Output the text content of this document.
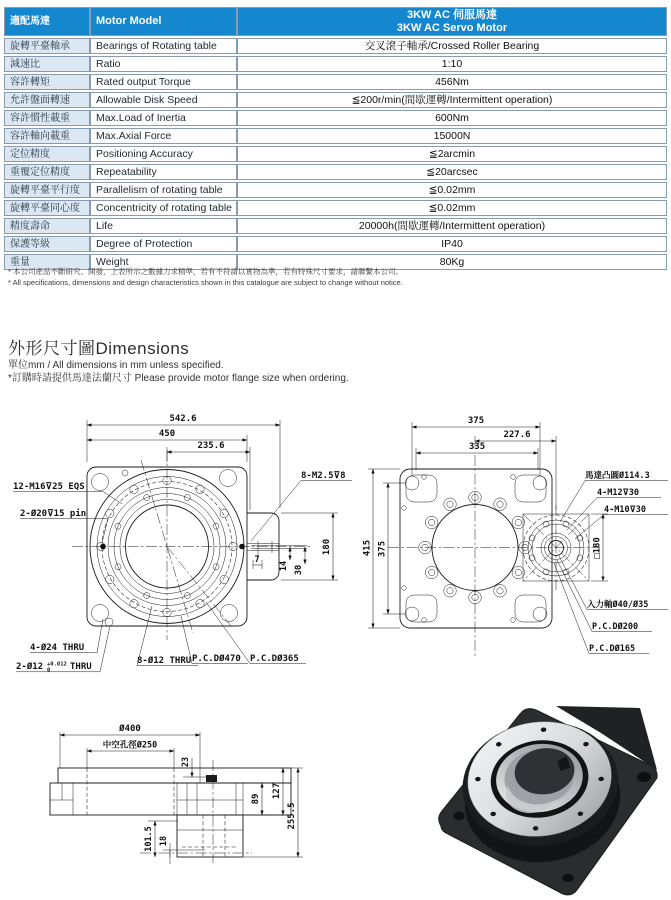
適配馬達	Motor Model	3KW AC 伺服馬達
3KW AC Servo Motor

旋轉平臺軸承	Bearings of Rotating table	交叉滾子軸承/Crossed Roller Bearing
減速比	Ratio	1:10
容許轉矩	Rated output Torque	456Nm
允許盤面轉速	Allowable Disk Speed	≦200r/min(間歇運轉/Intermittent operation)
容許慣性載重	Max.Load of Inertia	600Nm
容許軸向載重	Max.Axial Force	15000N
定位精度	Positioning Accuracy	≦2arcmin
重覆定位精度	Repeatability	≦20arcsec
旋轉平臺平行度	Parallelism of rotating table	≦0.02mm
旋轉平臺同心度	Concentricity of rotating table	≦0.02mm
精度壽命	Life	20000h(間歇運轉/Intermittent operation)
保護等級	Degree of Protection	IP40
重量	Weight	80Kg
* 本公司產品不斷研究、開發，上表所示之數據力求精準，若有不符請以實物為準，若有特殊尺寸要求，請聯繫本公司。
* All specifications, dimensions and design characteristics shown in this catalogue are subject to change without notice.
外形尺寸圖Dimensions
單位mm / All dimensions in mm unless specified.
*訂購時請提供馬達法蘭尺寸 Please provide motor flange size when ordering.
542.6
450
235.6
180
7
14 30
12-M16⊽25 EQS
2-Ø20⊽15 pin
8-M2.5⊽8
4-Ø24 THRU
2-Ø12 +0.012
0 THRU
8-Ø12 THRU P.C.DØ470 P.C.DØ365
375
227.6
335
415 375	□180
馬達凸圓Ø114.3
4-M12⊽30
4-M10⊽30
入力軸Ø40/Ø35
P.C.DØ200
P.C.DØ165
Ø400
中空孔徑Ø250
23
89 127
255.5
101.5 18
